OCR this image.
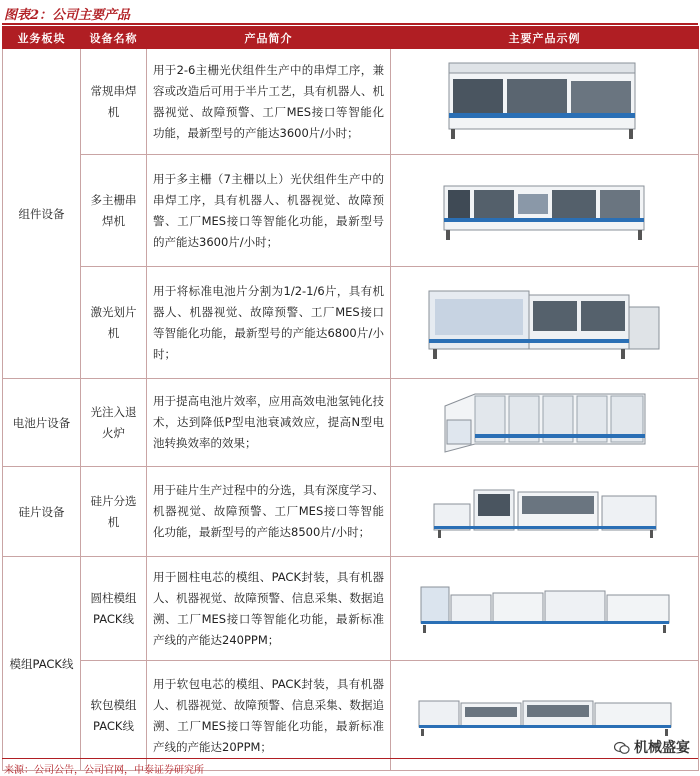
图表2：公司主要产品
业务板块	设备名称	产品简介	主要产品示例
组件设备	常规串焊机	用于2-6主栅光伏组件生产中的串焊工序，兼容或改造后可用于半片工艺，具有机器人、机器视觉、故障预警、工厂MES接口等智能化功能，最新型号的产能达3600片/小时；	

	多主栅串焊机	用于多主栅（7主栅以上）光伏组件生产中的串焊工序，具有机器人、机器视觉、故障预警、工厂MES接口等智能化功能，最新型号的产能达3600片/小时；	

	激光划片机	用于将标准电池片分割为1/2-1/6片，具有机器人、机器视觉、故障预警、工厂MES接口等智能化功能，最新型号的产能达6800片/小时；	

电池片设备	光注入退火炉	用于提高电池片效率，应用高效电池氢钝化技术，达到降低P型电池衰减效应，提高N型电池转换效率的效果；	

硅片设备	硅片分选机	用于硅片生产过程中的分选，具有深度学习、机器视觉、故障预警、工厂MES接口等智能化功能，最新型号的产能达8500片/小时；	

模组PACK线	圆柱模组PACK线	用于圆柱电芯的模组、PACK封装，具有机器人、机器视觉、故障预警、信息采集、数据追溯、工厂MES接口等智能化功能，最新标准产线的产能达240PPM；	

	软包模组PACK线	用于软包电芯的模组、PACK封装，具有机器人、机器视觉、故障预警、信息采集、数据追溯、工厂MES接口等智能化功能，最新标准产线的产能达20PPM；		机械盛宴
来源：公司公告，公司官网，中泰证券研究所
